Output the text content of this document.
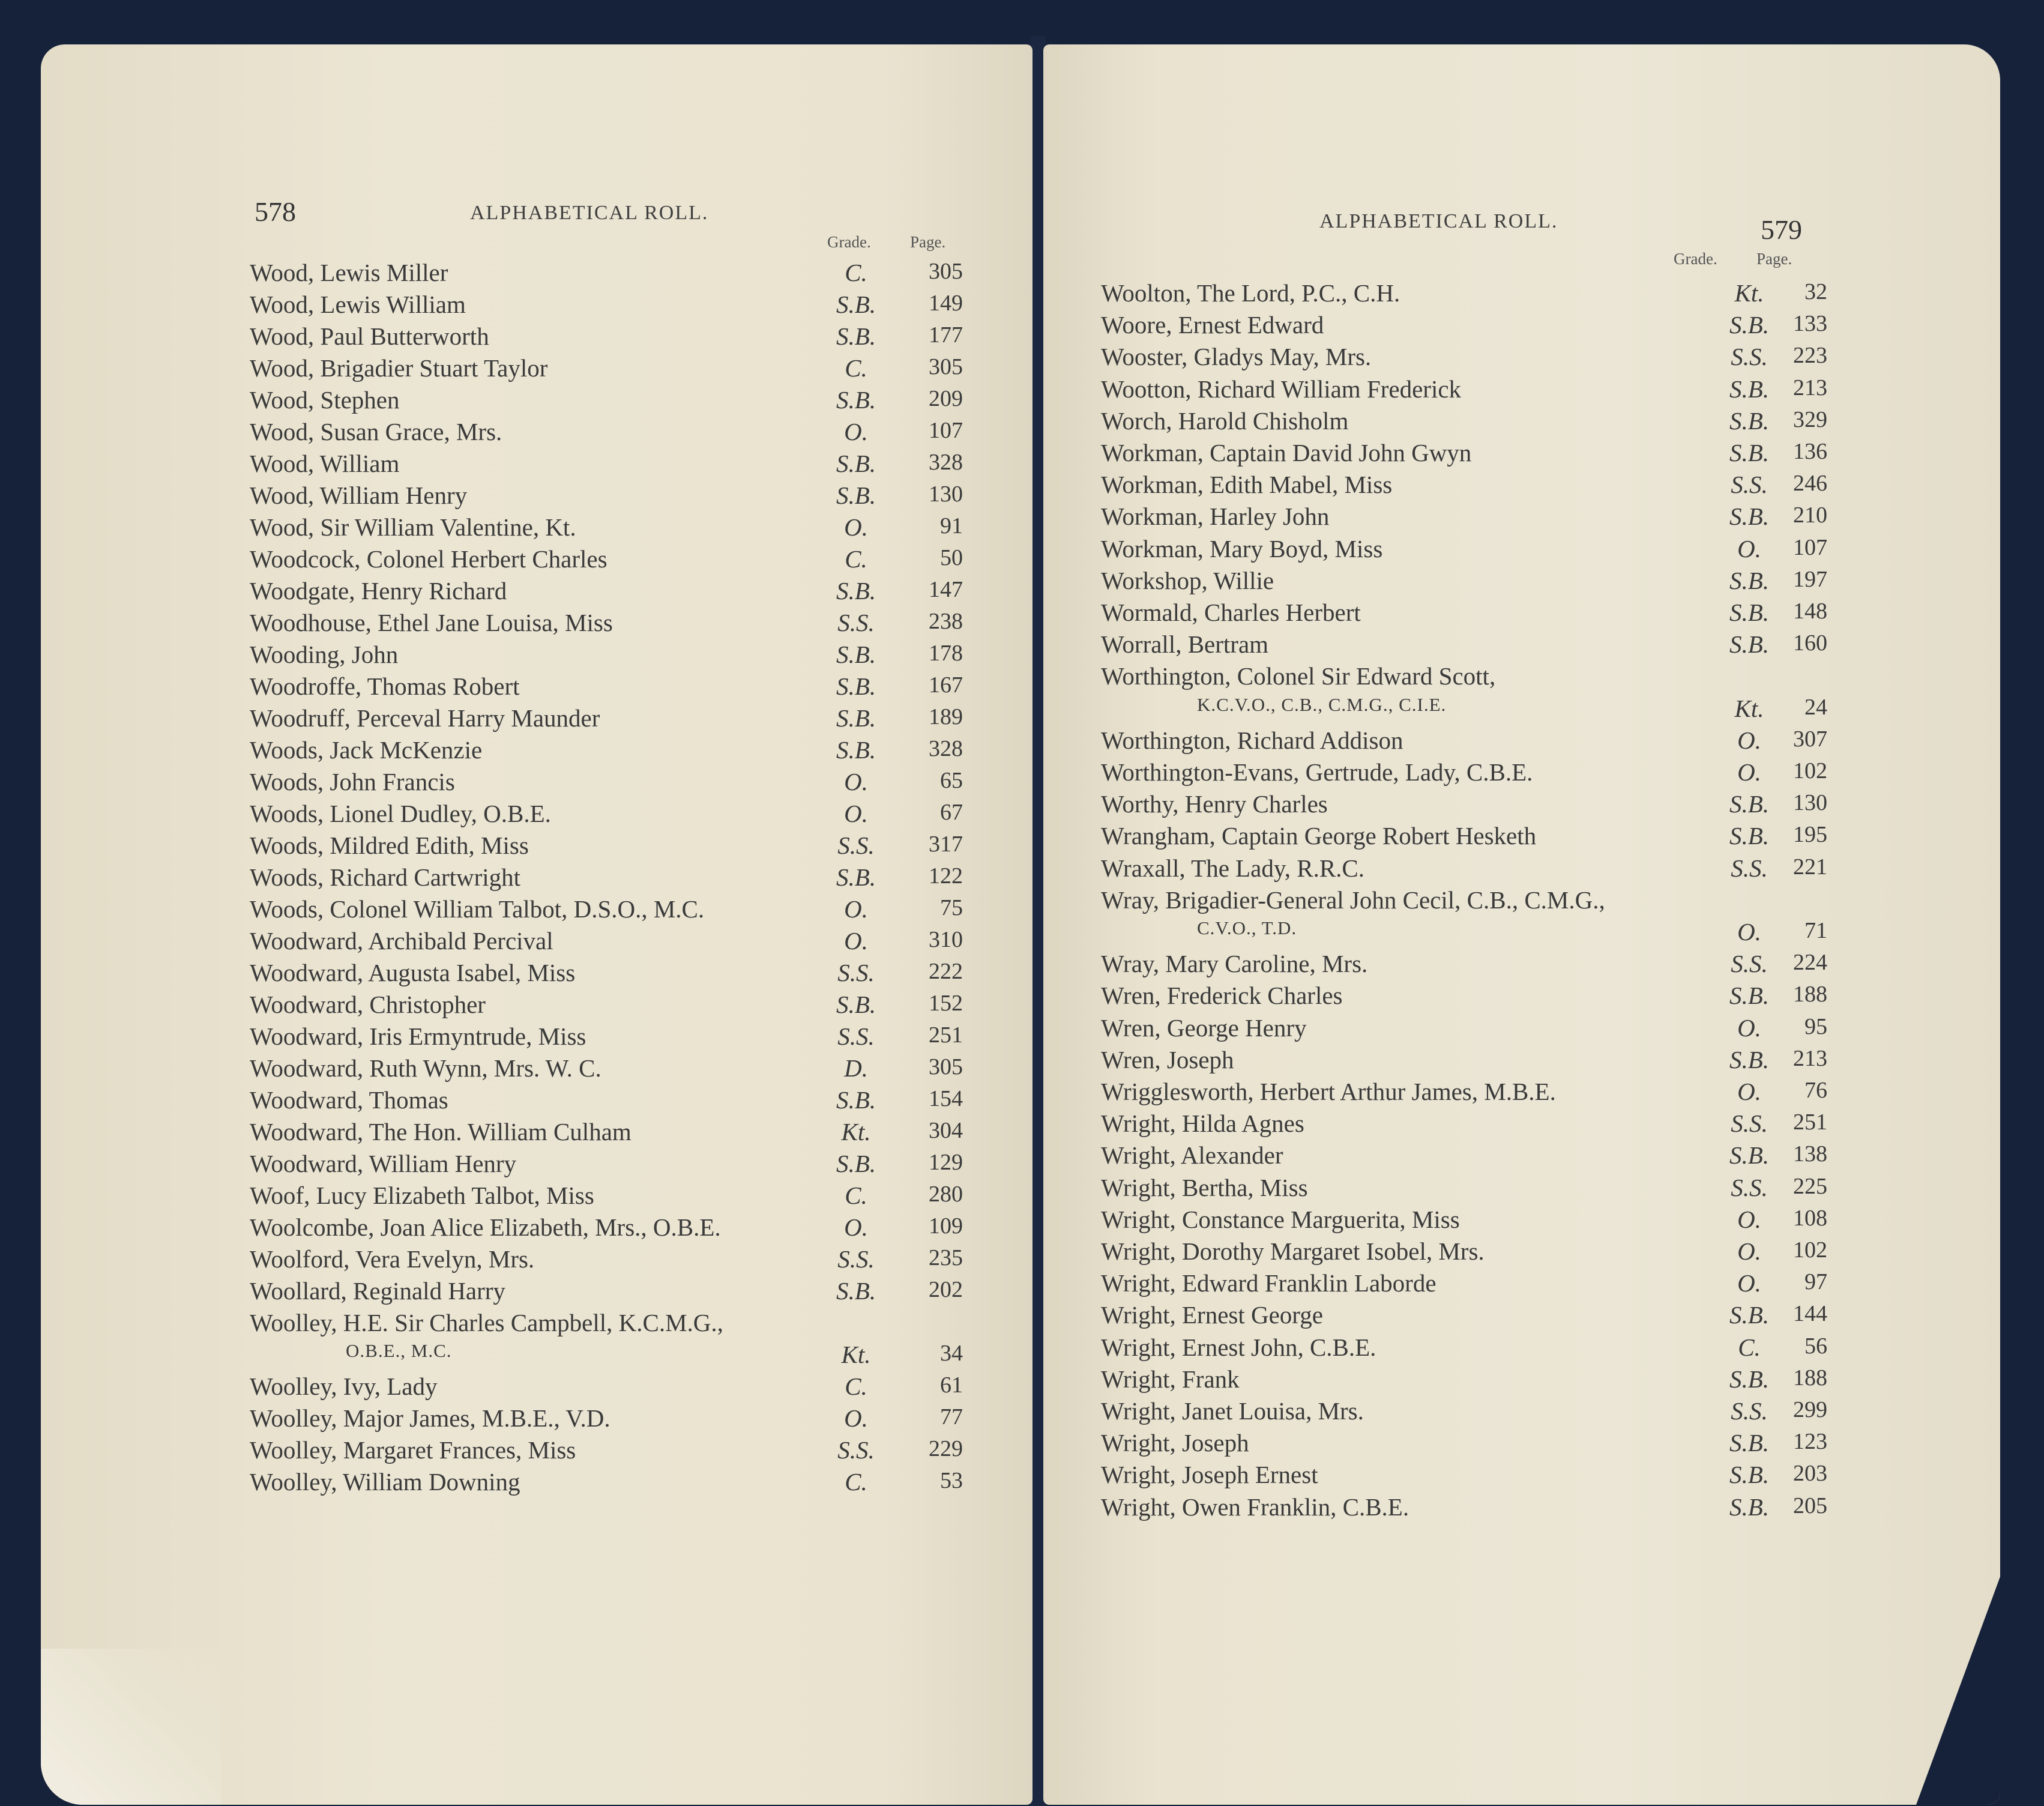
578	ALPHABETICAL ROLL.
Grade. Page.
Wood, Lewis Miller	C.	305
Wood, Lewis William	S.B.	149
Wood, Paul Butterworth	S.B.	177
Wood, Brigadier Stuart Taylor	C.	305
Wood, Stephen	S.B.	209
Wood, Susan Grace, Mrs.	O.	107
Wood, William	S.B.	328
Wood, William Henry	S.B.	130
Wood, Sir William Valentine, Kt.	O.	91
Woodcock, Colonel Herbert Charles	C.	50
Woodgate, Henry Richard	S.B.	147
Woodhouse, Ethel Jane Louisa, Miss	S.S.	238
Wooding, John	S.B.	178
Woodroffe, Thomas Robert	S.B.	167
Woodruff, Perceval Harry Maunder	S.B.	189
Woods, Jack McKenzie	S.B.	328
Woods, John Francis	O.	65
Woods, Lionel Dudley, O.B.E.	O.	67
Woods, Mildred Edith, Miss	S.S.	317
Woods, Richard Cartwright	S.B.	122
Woods, Colonel William Talbot, D.S.O., M.C.	O.	75
Woodward, Archibald Percival	O.	310
Woodward, Augusta Isabel, Miss	S.S.	222
Woodward, Christopher	S.B.	152
Woodward, Iris Ermyntrude, Miss	S.S.	251
Woodward, Ruth Wynn, Mrs. W. C.	D.	305
Woodward, Thomas	S.B.	154
Woodward, The Hon. William Culham	Kt.	304
Woodward, William Henry	S.B.	129
Woof, Lucy Elizabeth Talbot, Miss	C.	280
Woolcombe, Joan Alice Elizabeth, Mrs., O.B.E.	O.	109
Woolford, Vera Evelyn, Mrs.	S.S.	235
Woollard, Reginald Harry	S.B.	202
Woolley, H.E. Sir Charles Campbell, K.C.M.G.,
O.B.E., M.C.	Kt.	34
Woolley, Ivy, Lady	C.	61
Woolley, Major James, M.B.E., V.D.	O.	77
Woolley, Margaret Frances, Miss	S.S.	229
Woolley, William Downing	C.	53
ALPHABETICAL ROLL.	579
Grade. Page.
Woolton, The Lord, P.C., C.H.	Kt.	32
Woore, Ernest Edward	S.B.	133
Wooster, Gladys May, Mrs.	S.S.	223
Wootton, Richard William Frederick	S.B.	213
Worch, Harold Chisholm	S.B.	329
Workman, Captain David John Gwyn	S.B.	136
Workman, Edith Mabel, Miss	S.S.	246
Workman, Harley John	S.B.	210
Workman, Mary Boyd, Miss	O.	107
Workshop, Willie	S.B.	197
Wormald, Charles Herbert	S.B.	148
Worrall, Bertram	S.B.	160
Worthington, Colonel Sir Edward Scott,
K.C.V.O., C.B., C.M.G., C.I.E.	Kt.	24
Worthington, Richard Addison	O.	307
Worthington-Evans, Gertrude, Lady, C.B.E.	O.	102
Worthy, Henry Charles	S.B.	130
Wrangham, Captain George Robert Hesketh	S.B.	195
Wraxall, The Lady, R.R.C.	S.S.	221
Wray, Brigadier-General John Cecil, C.B., C.M.G.,
C.V.O., T.D.	O.	71
Wray, Mary Caroline, Mrs.	S.S.	224
Wren, Frederick Charles	S.B.	188
Wren, George Henry	O.	95
Wren, Joseph	S.B.	213
Wrigglesworth, Herbert Arthur James, M.B.E.	O.	76
Wright, Hilda Agnes	S.S.	251
Wright, Alexander	S.B.	138
Wright, Bertha, Miss	S.S.	225
Wright, Constance Marguerita, Miss	O.	108
Wright, Dorothy Margaret Isobel, Mrs.	O.	102
Wright, Edward Franklin Laborde	O.	97
Wright, Ernest George	S.B.	144
Wright, Ernest John, C.B.E.	C.	56
Wright, Frank	S.B.	188
Wright, Janet Louisa, Mrs.	S.S.	299
Wright, Joseph	S.B.	123
Wright, Joseph Ernest	S.B.	203
Wright, Owen Franklin, C.B.E.	S.B.	205
